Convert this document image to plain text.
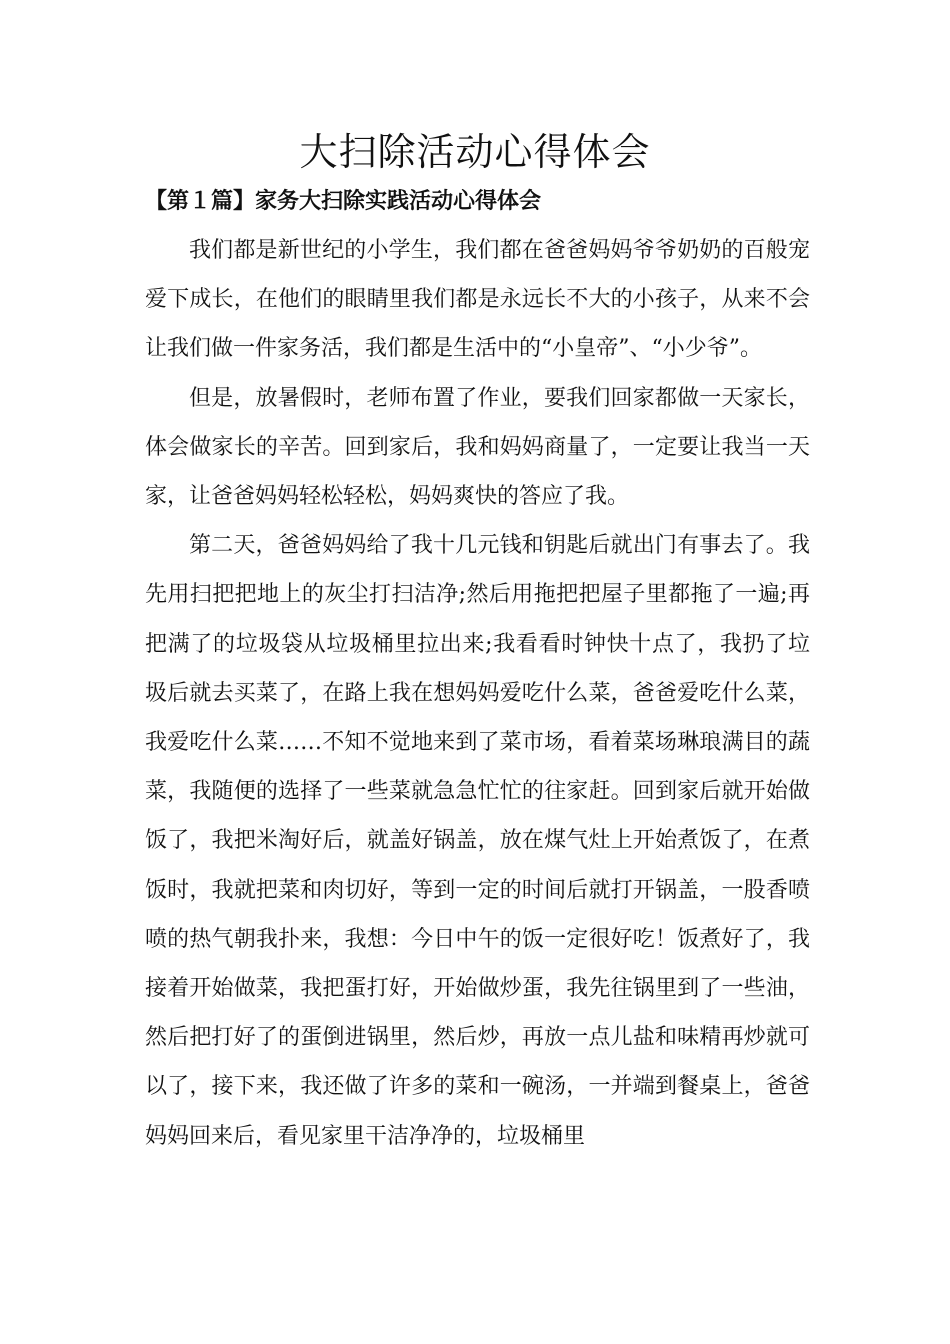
大扫除活动心得体会
【第１篇】家务大扫除实践活动心得体会

我们都是新世纪的小学生，我们都在爸爸妈妈爷爷奶奶的百般宠爱下成长，在他们的眼睛里我们都是永远长不大的小孩子，从来不会让我们做一件家务活，我们都是生活中的“小皇帝”、“小少爷”。

但是，放暑假时，老师布置了作业，要我们回家都做一天家长，体会做家长的辛苦。回到家后，我和妈妈商量了，一定要让我当一天家，让爸爸妈妈轻松轻松，妈妈爽快的答应了我。

第二天，爸爸妈妈给了我十几元钱和钥匙后就出门有事去了。我先用扫把把地上的灰尘打扫洁净;然后用拖把把屋子里都拖了一遍;再把满了的垃圾袋从垃圾桶里拉出来;我看看时钟快十点了，我扔了垃圾后就去买菜了，在路上我在想妈妈爱吃什么菜，爸爸爱吃什么菜，我爱吃什么菜……不知不觉地来到了菜市场，看着菜场琳琅满目的蔬菜，我随便的选择了一些菜就急急忙忙的往家赶。回到家后就开始做饭了，我把米淘好后，就盖好锅盖，放在煤气灶上开始煮饭了，在煮饭时，我就把菜和肉切好，等到一定的时间后就打开锅盖，一股香喷喷的热气朝我扑来，我想：今日中午的饭一定很好吃！饭煮好了，我接着开始做菜，我把蛋打好，开始做炒蛋，我先往锅里到了一些油，然后把打好了的蛋倒进锅里，然后炒，再放一点儿盐和味精再炒就可以了，接下来，我还做了许多的菜和一碗汤，一并端到餐桌上，爸爸妈妈回来后，看见家里干洁净净的，垃圾桶里
